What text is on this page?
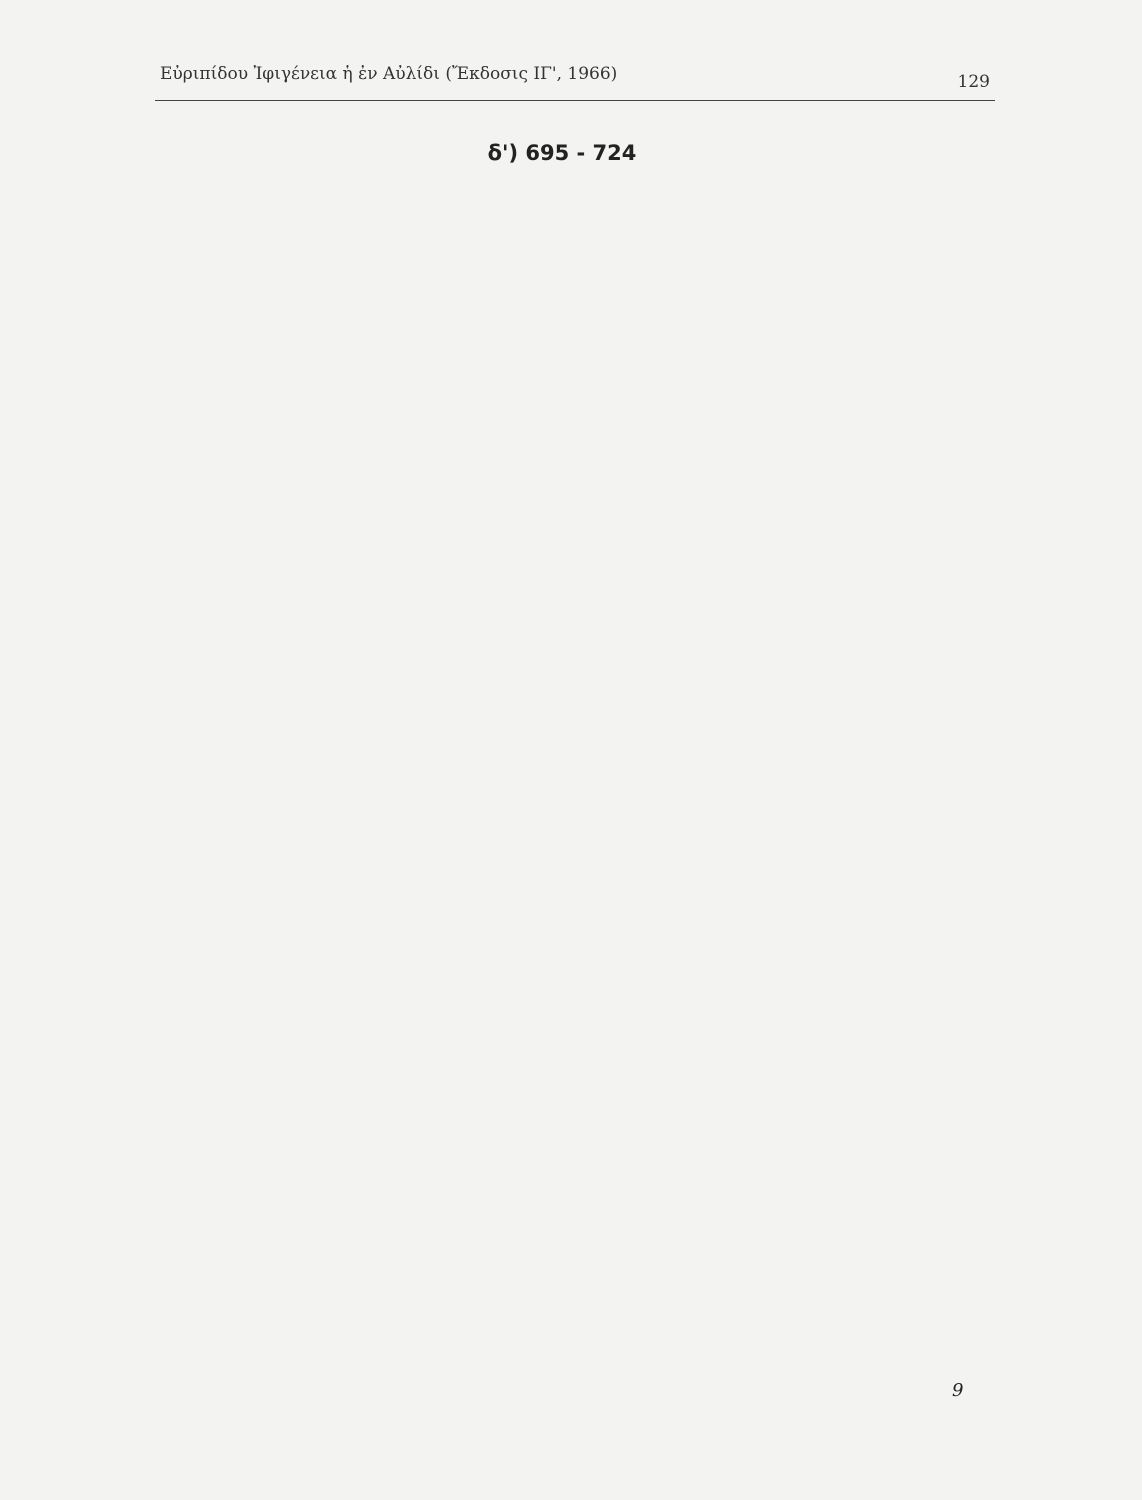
Εὐριπίδου Ἰφιγένεια ἡ ἐν Αὐλίδι (Ἔκδοσις ΙΓ', 1966)	129
δ') 695 - 724
9
